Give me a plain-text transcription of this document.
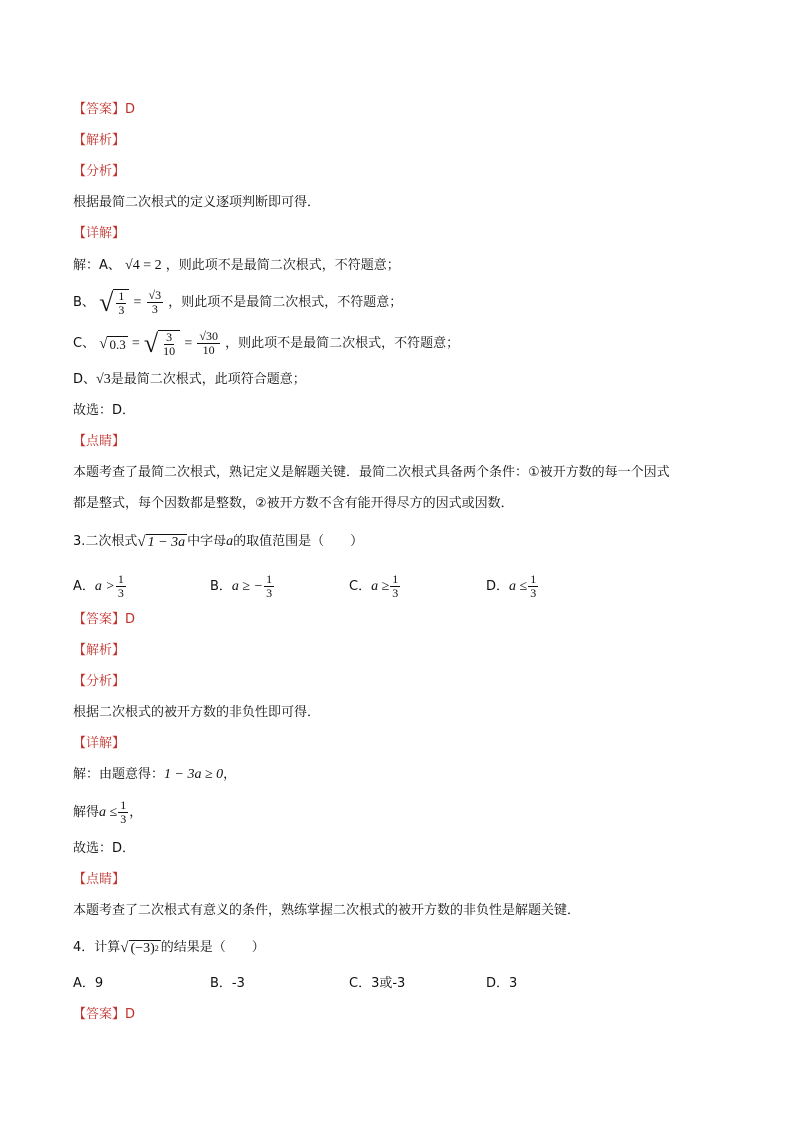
【答案】D
【解析】
【分析】
根据最简二次根式的定义逐项判断即可得．
【详解】
解：A、 √4 = 2 ，则此项不是最简二次根式，不符题意；
B、 √ $\frac{1}{3} = \frac{√3}{3}$ ，则此项不是最简二次根式，不符题意；
C、 √ 0.3 = √ $\frac{3}{10} = \frac{√30}{10}$ ，则此项不是最简二次根式，不符题意；
D、√3是最简二次根式，此项符合题意；
故选：D．
【点睛】
本题考查了最简二次根式，熟记定义是解题关键．最简二次根式具备两个条件：①被开方数的每一个因式
都是整式，每个因数都是整数，②被开方数不含有能开得尽方的因式或因数．
3.二次根式 √ 1 − 3a 中字母a的取值范围是（　　）
A．$a > \frac{1}{3}$	B．a ≥ − $\frac{1}{3}$	C．$a \ge \frac{1}{3}$	D．$a \le \frac{1}{3}$
【答案】D
【解析】
【分析】
根据二次根式的被开方数的非负性即可得．
【详解】
解：由题意得：1 − 3a ≥ 0，
解得$a \le \frac{1}{3}$ ，
故选：D．
【点睛】
本题考查了二次根式有意义的条件，熟练掌握二次根式的被开方数的非负性是解题关键．
4．计算 √ (−3) 2 的结果是（　　）
A．9	B．-3	C．3或-3	D．3
【答案】D
